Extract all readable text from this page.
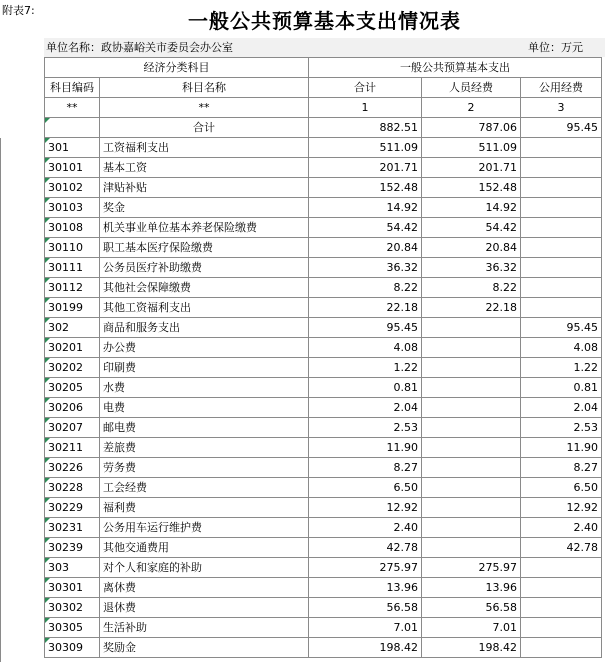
附表7:	一般公共预算基本支出情况表
单位名称：政协嘉峪关市委员会办公室	单位：万元
经济分类科目		一般公共预算基本支出		
科目编码	科目名称	合计	人员经费	公用经费
**	**	1	2	3
	合计	882.51	787.06	95.45
301	工资福利支出	511.09	511.09	
30101	基本工资	201.71	201.71	
30102	津贴补贴	152.48	152.48	
30103	奖金	14.92	14.92	
30108	机关事业单位基本养老保险缴费	54.42	54.42	
30110	职工基本医疗保险缴费	20.84	20.84	
30111	公务员医疗补助缴费	36.32	36.32	
30112	其他社会保障缴费	8.22	8.22	
30199	其他工资福利支出	22.18	22.18	
302	商品和服务支出	95.45		95.45
30201	办公费	4.08		4.08
30202	印刷费	1.22		1.22
30205	水费	0.81		0.81
30206	电费	2.04		2.04
30207	邮电费	2.53		2.53
30211	差旅费	11.90		11.90
30226	劳务费	8.27		8.27
30228	工会经费	6.50		6.50
30229	福利费	12.92		12.92
30231	公务用车运行维护费	2.40		2.40
30239	其他交通费用	42.78		42.78
303	对个人和家庭的补助	275.97	275.97	
30301	离休费	13.96	13.96	
30302	退休费	56.58	56.58	
30305	生活补助	7.01	7.01	
30309	奖励金	198.42	198.42	
